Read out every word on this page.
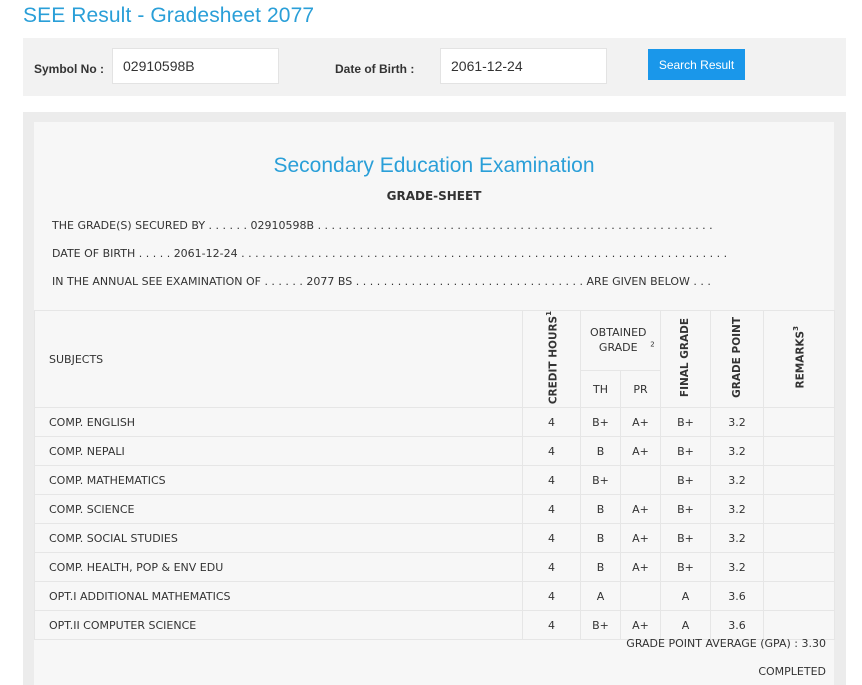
SEE Result - Gradesheet 2077
Symbol No :
02910598B	Date of Birth :
2061-12-24	Search Result
Secondary Education Examination
GRADE-SHEET
THE GRADE(S) SECURED BY . . . . . . 02910598B . . . . . . . . . . . . . . . . . . . . . . . . . . . . . . . . . . . . . . . . . . . . . . . . . . . . . . . . .
DATE OF BIRTH . . . . . 2061-12-24 . . . . . . . . . . . . . . . . . . . . . . . . . . . . . . . . . . . . . . . . . . . . . . . . . . . . . . . . . . . . . . . . . . . . . .
IN THE ANNUAL SEE EXAMINATION OF . . . . . . 2077 BS . . . . . . . . . . . . . . . . . . . . . . . . . . . . . . . . . ARE GIVEN BELOW . . .
SUBJECTS	CREDIT HOURS$^1$	OBTAINED GRADE $^2$		FINAL GRADE	GRADE POINT	REMARKS$^3$
		TH	PR			
COMP. ENGLISH	4	B+	A+	B+	3.2	
COMP. NEPALI	4	B	A+	B+	3.2	
COMP. MATHEMATICS	4	B+		B+	3.2	
COMP. SCIENCE	4	B	A+	B+	3.2	
COMP. SOCIAL STUDIES	4	B	A+	B+	3.2	
COMP. HEALTH, POP & ENV EDU	4	B	A+	B+	3.2	
OPT.I ADDITIONAL MATHEMATICS	4	A		A	3.6	
OPT.II COMPUTER SCIENCE	4	B+	A+	A	3.6	
GRADE POINT AVERAGE (GPA) : 3.30
COMPLETED
